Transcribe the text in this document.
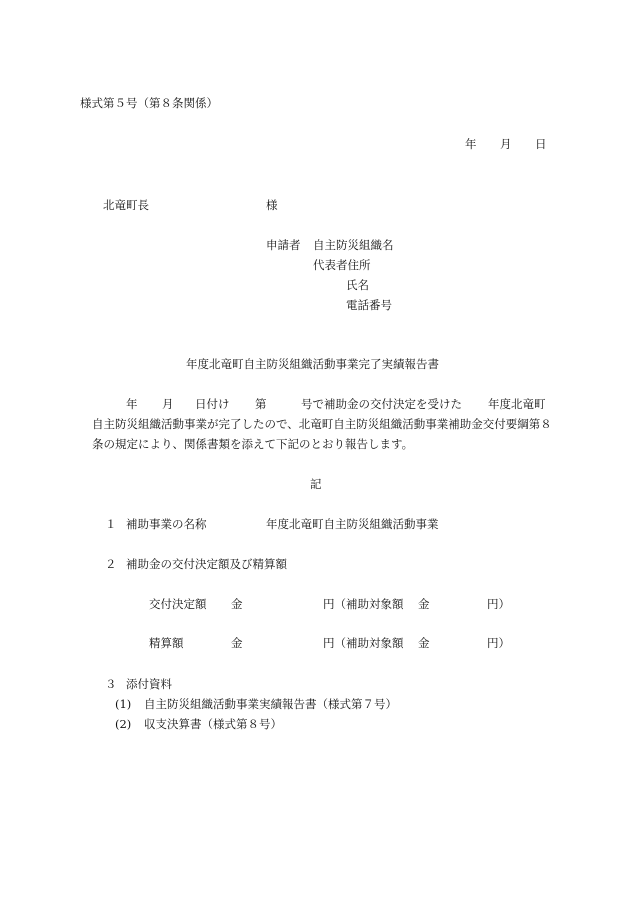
様式第５号（第８条関係）
年 月 日
北竜町長	様
申請者 自主防災組織名
代表者住所
氏名
電話番号
年度北竜町自主防災組織活動事業完了実績報告書
年 月 日付け 第	号で補助金の交付決定を受けた 年度北竜町
自主防災組織活動事業が完了したので、北竜町自主防災組織活動事業補助金交付要綱第８
条の規定により、関係書類を添えて下記のとおり報告します。
記
１ 補助事業の名称	年度北竜町自主防災組織活動事業
２ 補助金の交付決定額及び精算額
交付決定額 金	円（補助対象額 金	円）
精算額	金	円（補助対象額 金	円）
３ 添付資料
(1) 自主防災組織活動事業実績報告書（様式第７号）
(2) 収支決算書（様式第８号）
